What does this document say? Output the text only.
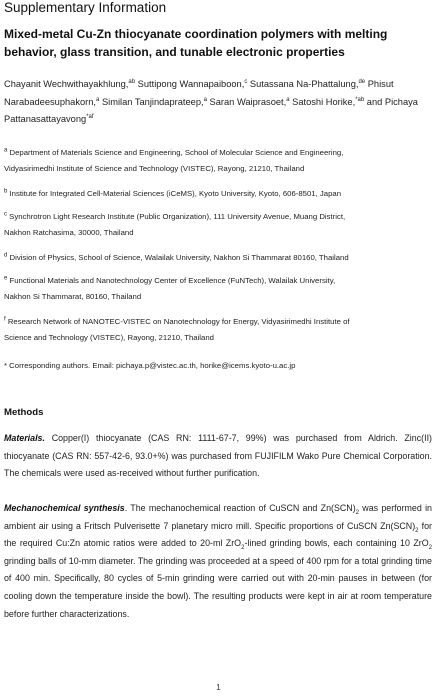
Supplementary Information
Mixed-metal Cu-Zn thiocyanate coordination polymers with melting
behavior, glass transition, and tunable electronic properties
Chayanit Wechwithayakhlung,$^{ab}$ Suttipong Wannapaiboon,$^c$ Sutassana Na-Phattalung,$^{de}$ Phisut Narabadeesuphakorn,$^a$ Similan Tanjindaprateep,$^a$ Saran Waiprasoet,$^a$ Satoshi Horike,$^{*ab}$ and Pichaya Pattanasattayavong$^{*af}$
$^a$ Department of Materials Science and Engineering, School of Molecular Science and Engineering,
Vidyasirimedhi Institute of Science and Technology (VISTEC), Rayong, 21210, Thailand
$^b$ Institute for Integrated Cell-Material Sciences (iCeMS), Kyoto University, Kyoto, 606-8501, Japan
$^c$ Synchrotron Light Research Institute (Public Organization), 111 University Avenue, Muang District,
Nakhon Ratchasima, 30000, Thailand
$^d$ Division of Physics, School of Science, Walailak University, Nakhon Si Thammarat 80160, Thailand
$^e$ Functional Materials and Nanotechnology Center of Excellence (FuNTech), Walailak University,
Nakhon Si Thammarat, 80160, Thailand
$^f$ Research Network of NANOTEC-VISTEC on Nanotechnology for Energy, Vidyasirimedhi Institute of
Science and Technology (VISTEC), Rayong, 21210, Thailand
* Corresponding authors. Email: pichaya.p@vistec.ac.th, horike@icems.kyoto-u.ac.jp
Methods
Materials. Copper(I) thiocyanate (CAS RN: 1111-67-7, 99%) was purchased from Aldrich. Zinc(II) thiocyanate (CAS RN: 557-42-6, 93.0+%) was purchased from FUJIFILM Wako Pure Chemical Corporation. The chemicals were used as-received without further purification.
Mechanochemical synthesis. The mechanochemical reaction of CuSCN and $Zn(SCN)_2$ was performed in ambient air using a Fritsch Pulverisette 7 planetary micro mill. Specific proportions of CuSCN $Zn(SCN)_2$ for the required Cu:Zn atomic ratios were added to 20-ml ZrO$_2$-lined grinding bowls, each containing 10 ZrO$_2$ grinding balls of 10-mm diameter. The grinding was proceeded at a speed of 400 rpm for a total grinding time of 400 min. Specifically, 80 cycles of 5-min grinding were carried out with 20-min pauses in between (for cooling down the temperature inside the bowl). The resulting products were kept in air at room temperature before further characterizations.
1
